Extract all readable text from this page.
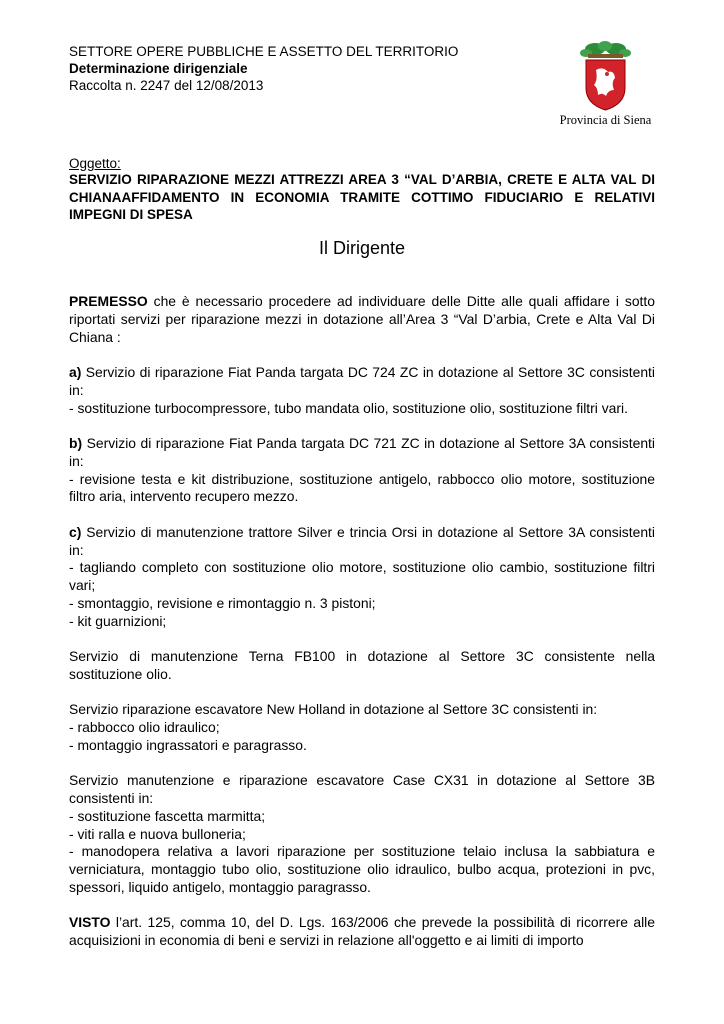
SETTORE OPERE PUBBLICHE E ASSETTO DEL TERRITORIO
Determinazione dirigenziale
Raccolta n. 2247 del 12/08/2013
Provincia di Siena
Oggetto:
SERVIZIO RIPARAZIONE MEZZI ATTREZZI AREA 3 “VAL D’ARBIA, CRETE E ALTA VAL DI CHIANAAFFIDAMENTO IN ECONOMIA TRAMITE COTTIMO FIDUCIARIO E RELATIVI IMPEGNI DI SPESA
Il Dirigente

PREMESSO che è necessario procedere ad individuare delle Ditte alle quali affidare i sotto riportati servizi per riparazione mezzi in dotazione all’Area 3 “Val D’arbia, Crete e Alta Val Di Chiana :

a) Servizio di riparazione Fiat Panda targata DC 724 ZC in dotazione al Settore 3C consistenti in:
- sostituzione turbocompressore, tubo mandata olio, sostituzione olio, sostituzione filtri vari.

b) Servizio di riparazione Fiat Panda targata DC 721 ZC in dotazione al Settore 3A consistenti in:
- revisione testa e kit distribuzione, sostituzione antigelo, rabbocco olio motore, sostituzione filtro aria, intervento recupero mezzo.

c) Servizio di manutenzione trattore Silver e trincia Orsi in dotazione al Settore 3A consistenti in:
- tagliando completo con sostituzione olio motore, sostituzione olio cambio, sostituzione filtri vari;
- smontaggio, revisione e rimontaggio n. 3 pistoni;
- kit guarnizioni;

Servizio di manutenzione Terna FB100 in dotazione al Settore 3C consistente nella sostituzione olio.

Servizio riparazione escavatore New Holland in dotazione al Settore 3C consistenti in:
- rabbocco olio idraulico;
- montaggio ingrassatori e paragrasso.

Servizio manutenzione e riparazione escavatore Case CX31 in dotazione al Settore 3B consistenti in:
- sostituzione fascetta marmitta;
- viti ralla e nuova bulloneria;
- manodopera relativa a lavori riparazione per sostituzione telaio inclusa la sabbiatura e verniciatura, montaggio tubo olio, sostituzione olio idraulico, bulbo acqua, protezioni in pvc, spessori, liquido antigelo, montaggio paragrasso.

VISTO l’art. 125, comma 10, del D. Lgs. 163/2006 che prevede la possibilità di ricorrere alle acquisizioni in economia di beni e servizi in relazione all'oggetto e ai limiti di importo
